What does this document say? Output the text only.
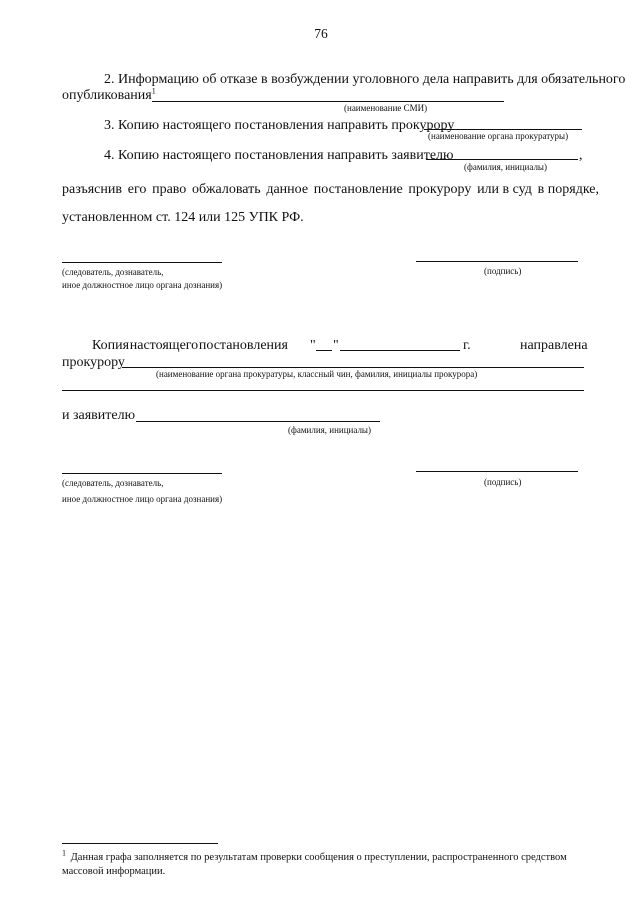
76
2. Информацию об отказе в возбуждении уголовного дела направить для обязательного
опубликования$^1$
(наименование СМИ)
3. Копию настоящего постановления направить прокурору
(наименование органа прокуратуры)
4. Копию настоящего постановления направить заявителю	,
(фамилия, инициалы)
разъяснив его право обжаловать данное постановление прокурору или в суд в порядке,
установленном ст. 124 или 125 УПК РФ.
(следователь, дознаватель,
иное должностное лицо органа дознания)
(подпись)
Копия настоящего постановления " "	г.	направлена
прокурору
(наименование органа прокуратуры, классный чин, фамилия, инициалы прокурора)
и заявителю
(фамилия, инициалы)
(следователь, дознаватель,
иное должностное лицо органа дознания)
(подпись)
$^1$ Данная графа заполняется по результатам проверки сообщения о преступлении, распространенного средством
массовой информации.
